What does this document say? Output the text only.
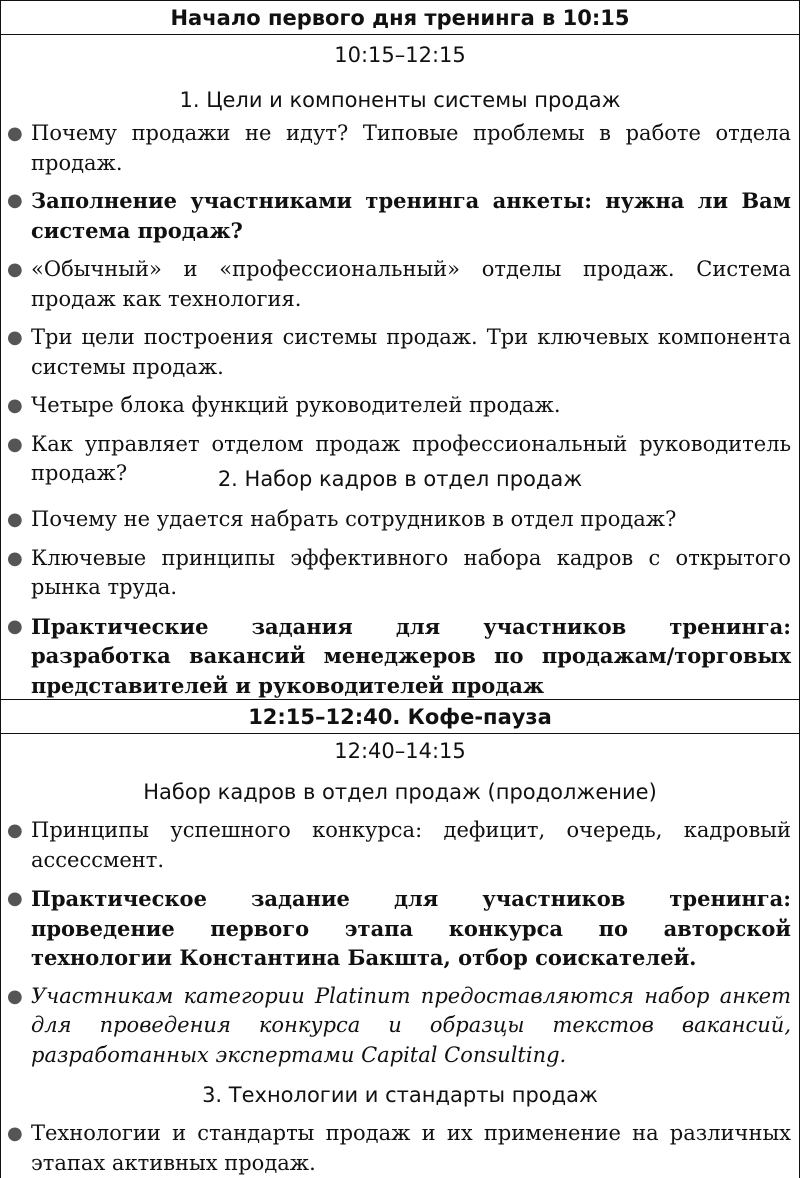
Начало первого дня тренинга в 10:15
10:15–12:15
1. Цели и компоненты системы продаж
● Почему продажи не идут? Типовые проблемы в работе отдела продаж.
● Заполнение участниками тренинга анкеты: нужна ли Вам система продаж?
● «Обычный» и «профессиональный» отделы продаж. Система продаж как технология.
● Три цели построения системы продаж. Три ключевых компонента системы продаж.
● Четыре блока функций руководителей продаж.
● Как управляет отделом продаж профессиональный руководитель продаж?	2. Набор кадров в отдел продаж
● Почему не удается набрать сотрудников в отдел продаж?
● Ключевые принципы эффективного набора кадров с открытого рынка труда.
● Практические задания для участников тренинга: разработка вакансий менеджеров по продажам/торговых представителей и руководителей продаж
12:15–12:40. Кофе-пауза
12:40–14:15
Набор кадров в отдел продаж (продолжение)
● Принципы успешного конкурса: дефицит, очередь, кадровый ассессмент.
● Практическое задание для участников тренинга: проведение первого этапа конкурса по авторской технологии Константина Бакшта, отбор соискателей.
● Участникам категории Platinum предоставляются набор анкет для проведения конкурса и образцы текстов вакансий, разработанных экспертами Capital Consulting.
3. Технологии и стандарты продаж
● Технологии и стандарты продаж и их применение на различных этапах активных продаж.
